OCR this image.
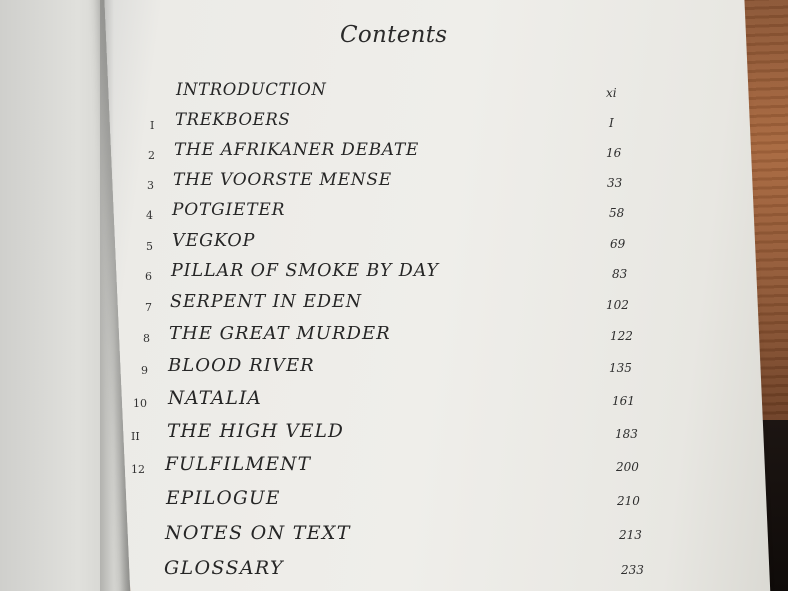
Contents
INTRODUCTION	xi
I TREKBOERS	I
2 THE AFRIKANER DEBATE	16
3 THE VOORSTE MENSE	33
4 POTGIETER	58
5 VEGKOP	69
6 PILLAR OF SMOKE BY DAY	83
7 SERPENT IN EDEN	102
8 THE GREAT MURDER	122
9 BLOOD RIVER	135
10 NATALIA	161
II THE HIGH VELD	183
12 FULFILMENT	200
EPILOGUE	210
NOTES ON TEXT	213
GLOSSARY	233
